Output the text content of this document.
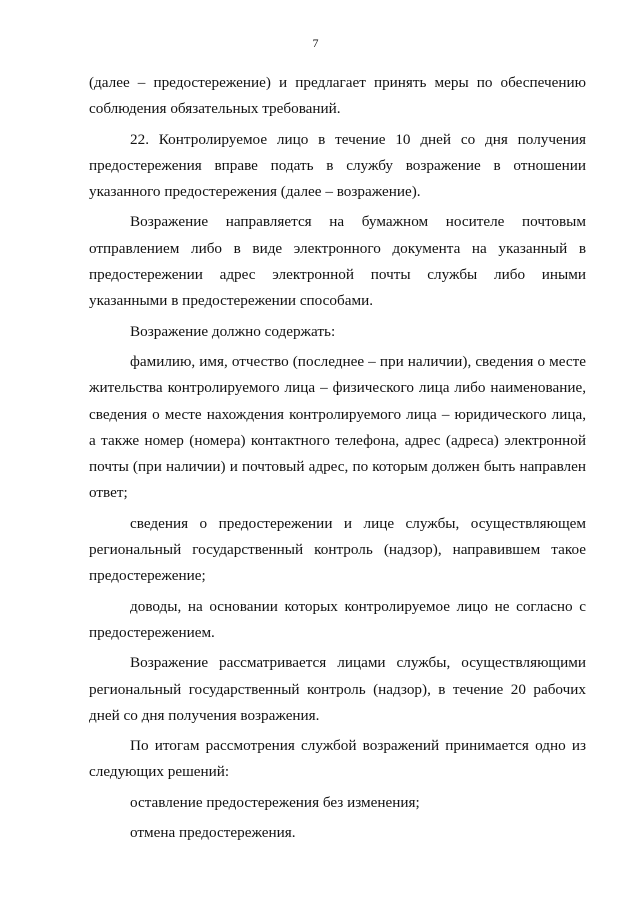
7

(далее – предостережение) и предлагает принять меры по обеспечению соблюдения обязательных требований.

22. Контролируемое лицо в течение 10 дней со дня получения предостережения вправе подать в службу возражение в отношении указанного предостережения (далее – возражение).

Возражение направляется на бумажном носителе почтовым отправлением либо в виде электронного документа на указанный в предостережении адрес электронной почты службы либо иными указанными в предостережении способами.

Возражение должно содержать:

фамилию, имя, отчество (последнее – при наличии), сведения о месте жительства контролируемого лица – физического лица либо наименование, сведения о месте нахождения контролируемого лица – юридического лица, а также номер (номера) контактного телефона, адрес (адреса) электронной почты (при наличии) и почтовый адрес, по которым должен быть направлен ответ;

сведения о предостережении и лице службы, осуществляющем региональный государственный контроль (надзор), направившем такое предостережение;

доводы, на основании которых контролируемое лицо не согласно с предостережением.

Возражение рассматривается лицами службы, осуществляющими региональный государственный контроль (надзор), в течение 20 рабочих дней со дня получения возражения.

По итогам рассмотрения службой возражений принимается одно из следующих решений:

оставление предостережения без изменения;

отмена предостережения.
